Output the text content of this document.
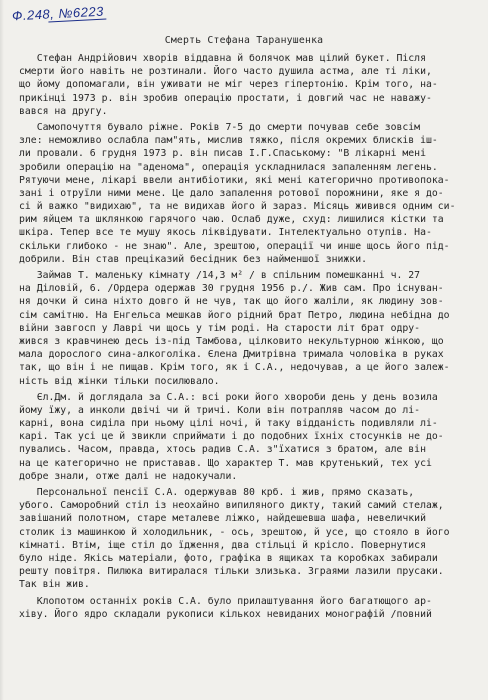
Ф.248, №6223
Смерть Стефана Таранушенка
Стефан Андрійович хворів віддавна й болячок мав цілий букет. Після
смерти його навіть не розтинали. Його часто душила астма, але ті ліки,
що йому допомагали, він уживати не міг через гіпертонію. Крім того, на-
прикінці 1973 р. він зробив операцію простати, і довгий час не наважу-
вався на другу.
Самопочуття бувало ріжне. Років 7-5 до смерти почував себе зовсім
зле: неможливо ослабла пам"ять, мислив тяжко, після окремих блисків іш-
ли провали. 6 грудня 1973 р. він писав І.Г.Спаському: "В лікарні мені
зробили операцію на "аденома", операція ускладнилася запаленням легень.
Рятуючи мене, лікарі ввели антибіотики, які мені категорично противопока-
зані і отруїли ними мене. Це дало запалення ротової порожнини, яке я до-
сі й важко "видихаю", та не видихав його й зараз. Місяць живився одним си-
рим яйцем та шклянкою гарячого чаю. Ослаб дуже, схуд: лишилися кістки та
шкіра. Тепер все те мушу якось ліквідувати. Інтелектуально отупів. На-
скільки глибоко - не знаю". Але, зрештою, операції чи инше щось його під-
добрили. Він став преціказий бесідник без найменшої знижки.
Займав Т. маленьку кімнату /14,3 м² / в спільним помешканні ч. 27
на Діловій, 6. /Ордера одержав 30 грудня 1956 р./. Жив сам. Про існуван-
ня дочки й сина ніхто довго й не чув, так що його жаліли, як людину зов-
сім самітню. На Енгельса мешкав його рідний брат Петро, людина небідна до
війни завгосп у Лаврі чи щось у тім роді. На старости літ брат одру-
жився з кравчинею десь із-під Тамбова, цілковито некультурною жінкою, що
мала дорослого сина-алкоголіка. Єлена Дмитрівна тримала чоловіка в руках
так, що він і не пищав. Крім того, як і С.А., недочував, а це його залеж-
ність від жінки тільки посилювало.
Єл.Дм. й доглядала за С.А.: всі роки його хвороби день у день возила
йому їжу, а инколи двічі чи й тричі. Коли він потрапляв часом до лі-
карні, вона сиділа при ньому цілі ночі, й таку відданість подивляли лі-
карі. Так усі це й звикли сприймати і до подобних їхніх стосунків не до-
пувались. Часом, правда, хтось радив С.А. з"їхатися з братом, але він
на це категорично не приставав. Що характер Т. мав крутенький, тех усі
добре знали, отже далі не надокучали.
Персональної пенсії С.А. одержував 80 крб. і жив, прямо сказать,
убого. Саморобний стіл із неохайно випиляного дикту, такий самий стелаж,
завішаний полотном, старе металеве ліжко, найдешевша шафа, невеличкий
столик із машинкою й холодильник, - ось, зрештою, й усе, що стояло в його
кімнаті. Втім, іще стіл до їдження, два стільці й крісло. Повернутися
було ніде. Якісь матеріали, фото, графіка в ящиках та коробках забирали
решту повітря. Пилюка витиралася тільки злизька. Зграями лазили прусаки.
Так він жив.
Клопотом останніх років С.А. було прилаштування його багатющого ар-
хіву. Його ядро складали рукописи кількох невиданих монографій /повний
